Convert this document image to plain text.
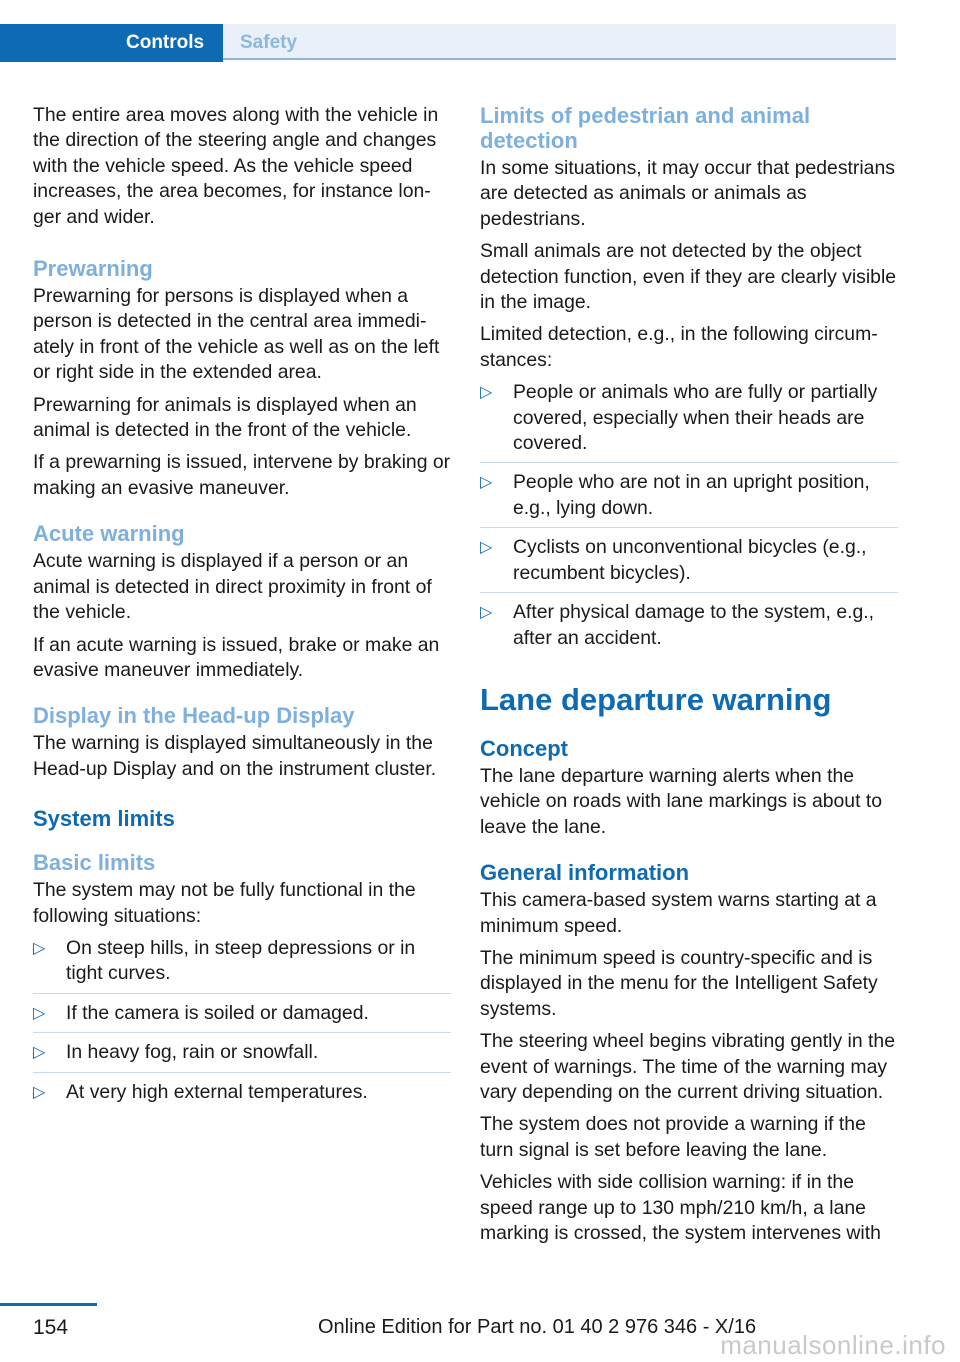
Controls	Safety

The entire area moves along with the vehicle in the direction of the steering angle and changes with the vehicle speed. As the vehicle speed increases, the area becomes, for instance longer and wider.

Prewarning

Prewarning for persons is displayed when a person is detected in the central area immediately in front of the vehicle as well as on the left or right side in the extended area.

Prewarning for animals is displayed when an animal is detected in the front of the vehicle.

If a prewarning is issued, intervene by braking or making an evasive maneuver.

Acute warning

Acute warning is displayed if a person or an animal is detected in direct proximity in front of the vehicle.

If an acute warning is issued, brake or make an evasive maneuver immediately.

Display in the Head-up Display

The warning is displayed simultaneously in the Head-up Display and on the instrument cluster.

System limits
Basic limits

The system may not be fully functional in the following situations:

▷ On steep hills, in steep depressions or in tight curves.
▷ If the camera is soiled or damaged.
▷ In heavy fog, rain or snowfall.
▷ At very high external temperatures.
Limits of pedestrian and animal detection

In some situations, it may occur that pedestrians are detected as animals or animals as pedestrians.

Small animals are not detected by the object detection function, even if they are clearly visible in the image.

Limited detection, e.g., in the following circumstances:

▷ People or animals who are fully or partially covered, especially when their heads are covered.
▷ People who are not in an upright position, e.g., lying down.
▷ Cyclists on unconventional bicycles (e.g., recumbent bicycles).
▷ After physical damage to the system, e.g., after an accident.
Lane departure warning
Concept

The lane departure warning alerts when the vehicle on roads with lane markings is about to leave the lane.

General information

This camera-based system warns starting at a minimum speed.

The minimum speed is country-specific and is displayed in the menu for the Intelligent Safety systems.

The steering wheel begins vibrating gently in the event of warnings. The time of the warning may vary depending on the current driving situation.

The system does not provide a warning if the turn signal is set before leaving the lane.

Vehicles with side collision warning: if in the speed range up to 130 mph/210 km/h, a lane marking is crossed, the system intervenes with

154	Online Edition for Part no. 01 40 2 976 346 - X/16
manualsonline.info
